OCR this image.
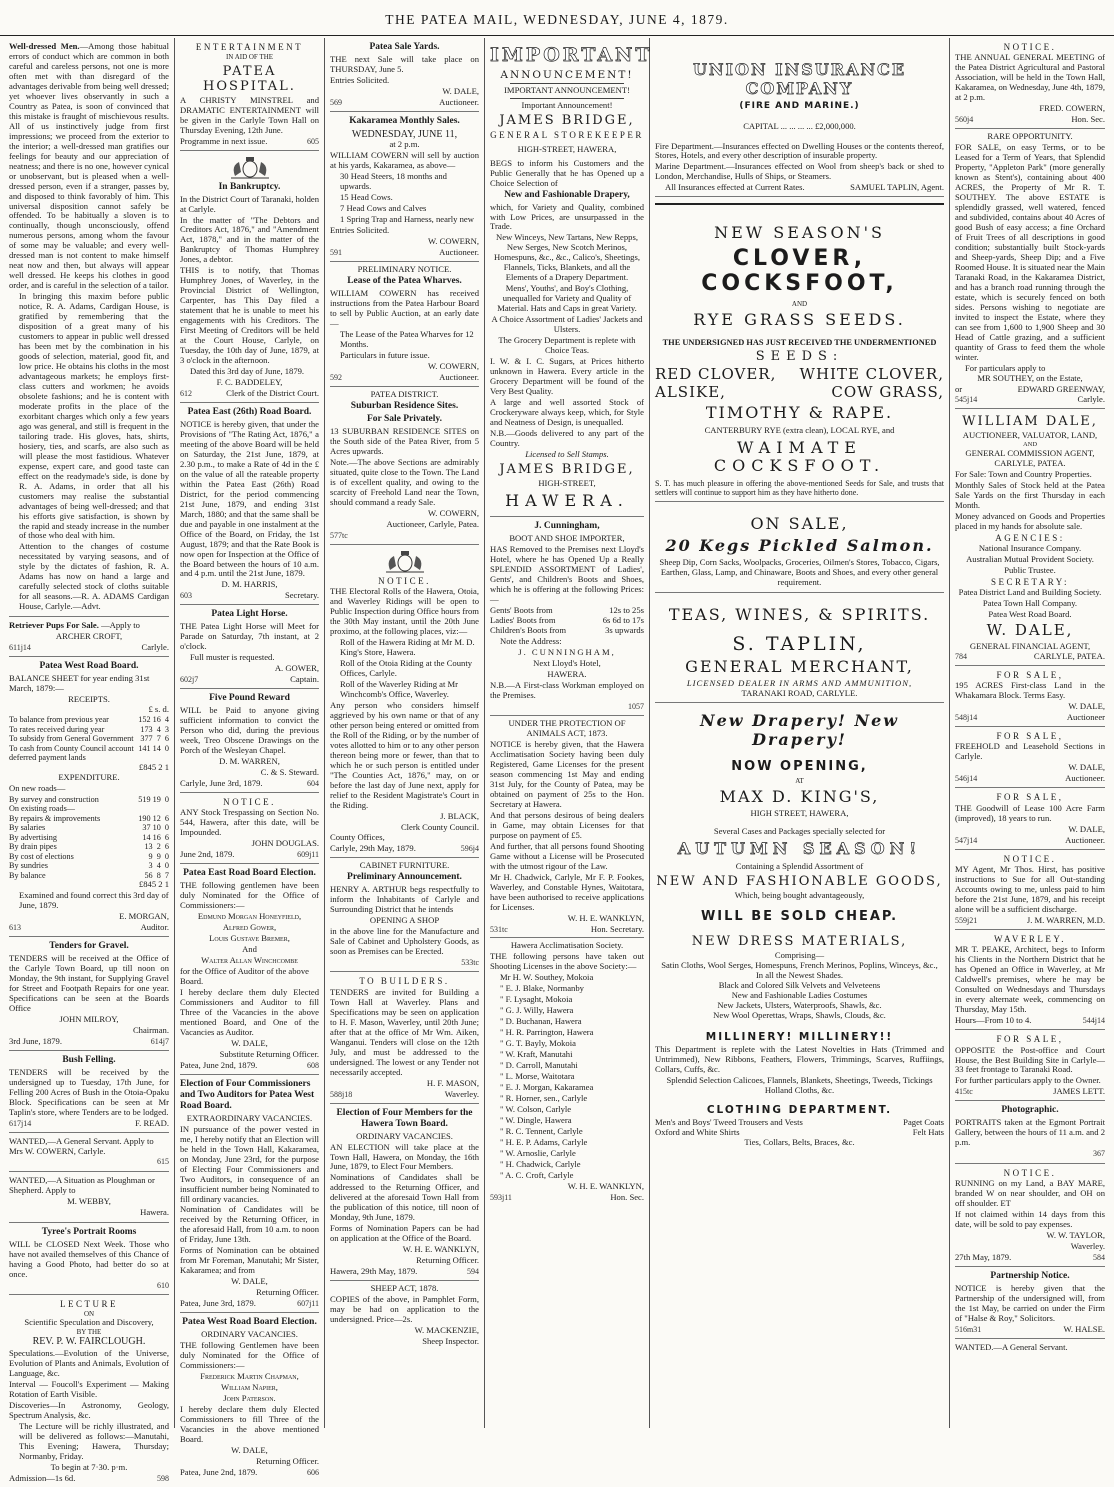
THE PATEA MAIL, WEDNESDAY, JUNE 4, 1879.

Well-dressed Men.—Among those habitual errors of conduct which are common in both careful and careless persons, not one is more often met with than disregard of the advantages derivable from being well dressed; yet whoever lives observantly in such a Country as Patea, is soon of convinced that this mistake is fraught of mischievous results. All of us instinctively judge from first impressions; we proceed from the exterior to the interior; a well-dressed man gratifies our feelings for beauty and our appreciation of neatness; and there is no one, however cynical or unobservant, but is pleased when a well-dressed person, even if a stranger, passes by, and disposed to think favorably of him. This universal disposition cannot safely be offended. To be habitually a sloven is to continually, though unconsciously, offend numerous persons, among whom the favour of some may be valuable; and every well-dressed man is not content to make himself neat now and then, but always will appear well dressed. He keeps his clothes in good order, and is careful in the selection of a tailor.

In bringing this maxim before public notice, R. A. Adams, Cardigan House, is gratified by remembering that the disposition of a great many of his customers to appear in public well dressed has been met by the combination in his goods of selection, material, good fit, and low price. He obtains his cloths in the most advantageous markets; he employs first-class cutters and workmen; he avoids obsolete fashions; and he is content with moderate profits in the place of the exorbitant charges which only a few years ago was general, and still is frequent in the tailoring trade. His gloves, hats, shirts, hosiery, ties, and scarfs, are also such as will please the most fastidious. Whatever expense, expert care, and good taste can effect on the readymade's side, is done by R. A. Adams, in order that all his customers may realise the substantial advantages of being well-dressed; and that his efforts give satisfaction, is shown by the rapid and steady increase in the number of those who deal with him.

Attention to the changes of costume necessitated by varying seasons, and of style by the dictates of fashion, R. A. Adams has now on hand a large and carefully selected stock of cloths suitable for all seasons.—R. A. ADAMS Cardigan House, Carlyle.—Advt.

Retriever Pups For Sale. —Apply to

ARCHER CROFT,

611j14	Carlyle.
Patea West Road Board.

BALANCE SHEET for year ending 31st March, 1879:—

RECEIPTS.
£ s. d.
To balance from previous year	152 16  4
To rates received during year	173  4  3
To subsidy from General Government	377  7  6
To cash from County Council account deferred payment lands	141 14  0
£845 2 1
EXPENDITURE.

On new roads—

By survey and construction	519 19  0
On existing roads—	
By repairs & improvements	190 12  6
By salaries	37 10  0
By advertising	14 16  6
By drain pipes	13  2  6
By cost of elections	9  9  0
By sundries	3  4  0
By balance	56  8  7
£845 2 1

Examined and found correct this 3rd day of June, 1879.

E. MORGAN,

613	Auditor.
Tenders for Gravel.

TENDERS will be received at the Office of the Carlyle Town Board, up till noon on Monday, the 9th instant, for Supplying Gravel for Street and Footpath Repairs for one year. Specifications can be seen at the Boards Office

JOHN MILROY,

Chairman.

3rd June, 1879.	614j7
Bush Felling.

TENDERS will be received by the undersigned up to Tuesday, 17th June, for Felling 200 Acres of Bush in the Otoia-Opaku Block. Specifications can be seen at Mr Taplin's store, where Tenders are to be lodged.

617j14	F. READ.

WANTED,—A General Servant. Apply to Mrs W. COWERN, Carlyle.

615

WANTED,—A Situation as Ploughman or Shepherd. Apply to

M. WEBBY,

Hawera.

Tyree's Portrait Rooms

WILL be CLOSED Next Week. Those who have not availed themselves of this Chance of having a Good Photo, had better do so at once.

610

LECTURE
ON
Scientific Speculation and Discovery,
BY THE
REV. P. W. FAIRCLOUGH.

Speculations.—Evolution of the Universe, Evolution of Plants and Animals, Evolution of Language, &c.

Interval — Foucoll's Experiment — Making Rotation of Earth Visible.

Discoveries—In Astronomy, Geology, Spectrum Analysis, &c.

The Lecture will be richly illustrated, and will be delivered as follows:—Manutahi, This Evening; Hawera, Thursday; Normanby, Friday.

To begin at 7·30. p·m.

Admission—1s 6d.	598
ENTERTAINMENT
IN AID OF THE
PATEA HOSPITAL.

A CHRISTY MINSTREL and DRAMATIC ENTERTAINMENT will be given in the Carlyle Town Hall on Thursday Evening, 12th June.

Programme in next issue.	605
In Bankruptcy.

In the District Court of Taranaki, holden at Carlyle.

In the matter of "The Debtors and Creditors Act, 1876," and "Amendment Act, 1878," and in the matter of the Bankruptcy of Thomas Humphrey Jones, a debtor.

THIS is to notify, that Thomas Humphrey Jones, of Waverley, in the Provincial District of Wellington, Carpenter, has This Day filed a statement that he is unable to meet his engagements with his Creditors. The First Meeting of Creditors will be held at the Court House, Carlyle, on Tuesday, the 10th day of June, 1879, at 3 o'clock in the afternoon.

Dated this 3rd day of June, 1879.

F. C. BADDELEY,

612	Clerk of the District Court.
Patea East (26th) Road Board.

NOTICE is hereby given, that under the Provisions of "The Rating Act, 1876," a meeting of the above Board will be held on Saturday, the 21st June, 1879, at 2.30 p.m., to make a Rate of 4d in the £ on the value of all the rateable property within the Patea East (26th) Road District, for the period commencing 21st June, 1879, and ending 31st March, 1880; and that the same shall be due and payable in one instalment at the Office of the Board, on Friday, the 1st August, 1879; and that the Rate Book is now open for Inspection at the Office of the Board between the hours of 10 a.m. and 4 p.m. until the 21st June, 1879.

D. M. HARRIS,

603	Secretary.
Patea Light Horse.

THE Patea Light Horse will Meet for Parade on Saturday, 7th instant, at 2 o'clock.

Full muster is requested.

A. GOWER,

602j7	Captain.
Five Pound Reward

WILL be Paid to anyone giving sufficient information to convict the Person who did, during the previous week, Treo Obscene Drawings on the Porch of the Wesleyan Chapel.

D. M. WARREN,

C. & S. Steward.

Carlyle, June 3rd, 1879.	604
NOTICE.

ANY Stock Trespassing on Section No. 544, Hawera, after this date, will be Impounded.

JOHN DOUGLAS.

June 2nd, 1879.	609j11
Patea East Road Board Election.

THE following gentlemen have been duly Nominated for the Office of Commissioners:—

Edmund Morgan Honeyfield,

Alfred Gower,

Louis Gustave Bremer,

And

Walter Allan Winchcombe

for the Office of Auditor of the above Board.

I hereby declare them duly Elected Commissioners and Auditor to fill Three of the Vacancies in the above mentioned Board, and One of the Vacancies as Auditor.

W. DALE,

Substitute Returning Officer.

Patea, June 2nd, 1879.	608
Election of Four Commissioners and Two Auditors for Patea West Road Board.
EXTRAORDINARY VACANCIES.

IN pursuance of the power vested in me, I hereby notify that an Election will be held in the Town Hall, Kakaramea, on Monday, June 23rd, for the purpose of Electing Four Commissioners and Two Auditors, in consequence of an insufficient number being Nominated to fill ordinary vacancies.

Nomination of Candidates will be received by the Returning Officer, in the aforesaid Hall, from 10 a.m. to noon of Friday, June 13th.

Forms of Nomination can be obtained from Mr Foreman, Manutahi; Mr Sister, Kakaramea; and from

W. DALE,

Returning Officer.

Patea, June 3rd, 1879.	607j11
Patea West Road Board Election.
ORDINARY VACANCIES.

THE following Gentlemen have been duly Nominated for the Office of Commissioners:—

Frederick Martin Chapman,

William Napier,

John Paterson.

I hereby declare them duly Elected Commissioners to fill Three of the Vacancies in the above mentioned Board.

W. DALE,

Returning Officer.

Patea, June 2nd, 1879.	606
Patea Sale Yards.

THE next Sale will take place on THURSDAY, June 5.

Entries Solicited.

W. DALE,

569	Auctioneer.
Kakaramea Monthly Sales.
WEDNESDAY, JUNE 11,
at 2 p.m.

WILLIAM COWERN will sell by auction at his yards, Kakaramea, as above—

30 Head Steers, 18 months and upwards.

15 Head Cows.

7 Head Cows and Calves

1 Spring Trap and Harness, nearly new

Entries Solicited.

W. COWERN,

591	Auctioneer.
PRELIMINARY NOTICE.
Lease of the Patea Wharves.

WILLIAM COWERN has received instructions from the Patea Harbour Board to sell by Public Auction, at an early date—

The Lease of the Patea Wharves for 12 Months.

Particulars in future issue.

W. COWERN,

592	Auctioneer.
PATEA DISTRICT.
Suburban Residence Sites.
For Sale Privately.

13 SUBURBAN RESIDENCE SITES on the South side of the Patea River, from 5 Acres upwards.

Note.—The above Sections are admirably situated, quite close to the Town. The Land is of excellent quality, and owing to the scarcity of Freehold Land near the Town, should command a ready Sale.

W. COWERN,

Auctioneer, Carlyle, Patea.

577tc

NOTICE.

THE Electoral Rolls of the Hawera, Otoia, and Waverley Ridings will be open to Public Inspection during Office hours from the 30th May instant, until the 20th June proximo, at the following places, viz:—

Roll of the Hawera Riding at Mr M. D. King's Store, Hawera.

Roll of the Otoia Riding at the County Offices, Carlyle.

Roll of the Waverley Riding at Mr Winchcomb's Office, Waverley.

Any person who considers himself aggrieved by his own name or that of any other person being entered or omitted from the Roll of the Riding, or by the number of votes allotted to him or to any other person thereon being more or fewer, than that to which he or such person is entitled under "The Counties Act, 1876," may, on or before the last day of June next, apply for relief to the Resident Magistrate's Court in the Riding.

J. BLACK,

Clerk County Council.

County Offices,

Carlyle, 29th May, 1879.	596j4
CABINET FURNITURE.
Preliminary Announcement.

HENRY A. ARTHUR begs respectfully to inform the Inhabitants of Carlyle and Surrounding District that he intends

OPENING A SHOP

in the above line for the Manufacture and Sale of Cabinet and Upholstery Goods, as soon as Premises can be Erected.

533tc

TO BUILDERS.

TENDERS are invited for Building a Town Hall at Waverley. Plans and Specifications may be seen on application to H. F. Mason, Waverley, until 20th June; after that at the office of Mr Wm. Aiken, Wanganui. Tenders will close on the 12th July, and must be addressed to the undersigned. The lowest or any Tender not necessarily accepted.

H. F. MASON,

588j18	Waverley.
Election of Four Members for the Hawera Town Board.
ORDINARY VACANCIES.

AN ELECTION will take place at the Town Hall, Hawera, on Monday, the 16th June, 1879, to Elect Four Members.

Nominations of Candidates shall be addressed to the Returning Officer, and delivered at the aforesaid Town Hall from the publication of this notice, till noon of Monday, 9th June, 1879.

Forms of Nomination Papers can be had on application at the Office of the Board.

W. H. E. WANKLYN,

Returning Officer.

Hawera, 29th May, 1879.	594
SHEEP ACT, 1878.

COPIES of the above, in Pamphlet Form, may be had on application to the undersigned. Price—2s.

W. MACKENZIE,

Sheep Inspector.

IMPORTANT
ANNOUNCEMENT!
IMPORTANT ANNOUNCEMENT!
Important Announcement!
JAMES BRIDGE,
GENERAL STOREKEEPER
HIGH-STREET, HAWERA,

BEGS to inform his Customers and the Public Generally that he has Opened up a Choice Selection of

New and Fashionable Drapery,

which, for Variety and Quality, combined with Low Prices, are unsurpassed in the Trade.

New Winceys, New Tartans, New Repps, New Serges, New Scotch Merinos, Homespuns, &c., &c., Calico's, Sheetings, Flannels, Ticks, Blankets, and all the Elements of a Drapery Department.

Mens', Youths', and Boy's Clothing, unequalled for Variety and Quality of Material. Hats and Caps in great Variety.

A Choice Assortment of Ladies' Jackets and Ulsters.

The Grocery Department is replete with Choice Teas.

I. W. & I. C. Sugars, at Prices hitherto unknown in Hawera. Every article in the Grocery Department will be found of the Very Best Quality.

A large and well assorted Stock of Crockeryware always keep, which, for Style and Neatness of Design, is unequalled.

N.B.—Goods delivered to any part of the Country.

Licensed to Sell Stamps.

JAMES BRIDGE,
HIGH-STREET,
HAWERA.
J. Cunningham,
BOOT AND SHOE IMPORTER,

HAS Removed to the Premises next Lloyd's Hotel, where he has Opened Up a Really SPLENDID ASSORTMENT of Ladies', Gents', and Children's Boots and Shoes, which he is offering at the following Prices:—

Gents' Boots from	12s to 25s
Ladies' Boots from	6s 6d to 17s
Children's Boots from	3s upwards

Note the Address:

J. CUNNINGHAM,

Next Lloyd's Hotel,

HAWERA.

N.B.—A First-class Workman employed on the Premises.

1057

UNDER THE PROTECTION OF ANIMALS ACT, 1873.

NOTICE is hereby given, that the Hawera Acclimatisation Society having been duly Registered, Game Licenses for the present season commencing 1st May and ending 31st July, for the County of Patea, may be obtained on payment of 25s to the Hon. Secretary at Hawera.

And that persons desirous of being dealers in Game, may obtain Licenses for that purpose on payment of £5.

And further, that all persons found Shooting Game without a License will be Prosecuted with the utmost rigour of the Law.

Mr H. Chadwick, Carlyle, Mr F. P. Fookes, Waverley, and Constable Hynes, Waitotara, have been authorised to receive applications for Licenses.

W. H. E. WANKLYN,

531tc	Hon. Secretary.
Hawera Acclimatisation Society.

THE following persons have taken out Shooting Licenses in the above Society:—

Mr H. W. Southey, Mokoia

" E. J. Blake, Normanby

" F. Lysaght, Mokoia

" G. J. Willy, Hawera

" D. Buchanan, Hawera

" H. R. Parrington, Hawera

" G. T. Bayly, Mokoia

" W. Kraft, Manutahi

" D. Carroll, Manutahi

" L. Morse, Waitotara

" E. J. Morgan, Kakaramea

" R. Horner, sen., Carlyle

" W. Colson, Carlyle

" W. Dingle, Hawera

" R. C. Tennent, Carlyle

" H. E. P. Adams, Carlyle

" W. Arnoslie, Carlyle

" H. Chadwick, Carlyle

" A. C. Croft, Carlyle

W. H. E. WANKLYN,

593j11	Hon. Sec.
UNION INSURANCE COMPANY
(FIRE AND MARINE.)

CAPITAL ... ... ... ... £2,000,000.

Fire Department.—Insurances effected on Dwelling Houses or the contents thereof, Stores, Hotels, and every other description of insurable property.

Marine Department.—Insurances effected on Wool from sheep's back or shed to London, Merchandise, Hulls of Ships, or Steamers.

All Insurances effected at Current Rates.	SAMUEL TAPLIN, Agent.
NEW SEASON'S
CLOVER, COCKSFOOT,
AND
RYE GRASS SEEDS.
THE UNDERSIGNED HAS JUST RECEIVED THE UNDERMENTIONED
SEEDS:
RED CLOVER, WHITE CLOVER,
ALSIKE,	COW GRASS,
TIMOTHY & RAPE.
CANTERBURY RYE (extra clean), LOCAL RYE, and
WAIMATE COCKSFOOT.

S. T. has much pleasure in offering the above-mentioned Seeds for Sale, and trusts that settlers will continue to support him as they have hitherto done.

ON SALE,
20 Kegs Pickled Salmon.

Sheep Dip, Corn Sacks, Woolpacks, Groceries, Oilmen's Stores, Tobacco, Cigars, Earthen, Glass, Lamp, and Chinaware, Boots and Shoes, and every other general requirement.

TEAS, WINES, & SPIRITS.
S. TAPLIN,
GENERAL MERCHANT,
LICENSED DEALER IN ARMS AND AMMUNITION,
TARANAKI ROAD, CARLYLE.
New Drapery! New Drapery!
NOW OPENING,
AT
MAX D. KING'S,
HIGH STREET, HAWERA,
Several Cases and Packages specially selected for
AUTUMN SEASON!
Containing a Splendid Assortment of
NEW AND FASHIONABLE GOODS,
Which, being bought advantageously,
WILL BE SOLD CHEAP.
NEW DRESS MATERIALS,
Comprising—
Satin Cloths, Wool Serges, Homespuns, French Merinos, Poplins, Winceys, &c.,
In all the Newest Shades.
Black and Colored Silk Velvets and Velveteens
New and Fashionable Ladies Costumes
New Jackets, Ulsters, Waterproofs, Shawls, &c.
New Wool Operettas, Wraps, Shawls, Clouds, &c.
MILLINERY! MILLINERY!!

This Department is replete with the Latest Novelties in Hats (Trimmed and Untrimmed), New Ribbons, Feathers, Flowers, Trimmings, Scarves, Ruffiings, Collars, Cuffs, &c.

Splendid Selection Calicoes, Flannels, Blankets, Sheetings, Tweeds, Tickings Holland Cloths, &c.

CLOTHING DEPARTMENT.
Men's and Boys' Tweed Trousers and Vests	Paget Coats
Oxford and White Shirts	Felt Hats
Ties, Collars, Belts, Braces, &c.
NOTICE.

THE ANNUAL GENERAL MEETING of the Patea District Agricultural and Pastoral Association, will be held in the Town Hall, Kakaramea, on Wednesday, June 4th, 1879, at 2 p.m.

FRED. COWERN,

560j4	Hon. Sec.
RARE OPPORTUNITY.

FOR SALE, on easy Terms, or to be Leased for a Term of Years, that Splendid Property, "Appleton Park" (more generally known as Stent's), containing about 400 ACRES, the Property of Mr R. T. SOUTHEY. The above ESTATE is splendidly grassed, well watered, fenced and subdivided, contains about 40 Acres of good Bush of easy access; a fine Orchard of Fruit Trees of all descriptions in good condition; substantially built Stock-yards and Sheep-yards, Sheep Dip; and a Five Roomed House. It is situated near the Main Taranaki Road, in the Kakaramea District, and has a branch road running through the estate, which is securely fenced on both sides. Persons wishing to negotiate are invited to inspect the Estate, where they can see from 1,600 to 1,900 Sheep and 30 Head of Cattle grazing, and a sufficient quantity of Grass to feed them the whole winter.

For particulars apply to

MR SOUTHEY, on the Estate,

or	EDWARD GREENWAY,
545j14	Carlyle.
WILLIAM DALE,
AUCTIONEER, VALUATOR, LAND,
AND
GENERAL COMMISSION AGENT,
CARLYLE, PATEA.

For Sale: Town and Country Properties.

Monthly Sales of Stock held at the Patea Sale Yards on the first Thursday in each Month.

Money advanced on Goods and Properties placed in my hands for absolute sale.

AGENCIES:

National Insurance Company.

Australian Mutual Provident Society.

Public Trustee.

SECRETARY:

Patea District Land and Building Society.

Patea Town Hall Company.

Patea West Road Board.

W. DALE,
GENERAL FINANCIAL AGENT,
784	CARLYLE, PATEA.
FOR SALE,

195 ACRES First-class Land in the Whakamara Block. Terms Easy.

W. DALE,

548j14	Auctioneer
FOR SALE,

FREEHOLD and Leasehold Sections in Carlyle.

W. DALE,

546j14	Auctioneer.
FOR SALE,

THE Goodwill of Lease 100 Acre Farm (improved), 18 years to run.

W. DALE,

547j14	Auctioneer.
NOTICE.

MY Agent, Mr Thos. Hirst, has positive instructions to Sue for all Out-standing Accounts owing to me, unless paid to him before the 21st June, 1879, and his receipt alone will be a sufficient discharge.

559j21	J. M. WARREN, M.D.
WAVERLEY.

MR T. PEAKE, Architect, begs to Inform his Clients in the Northern District that he has Opened an Office in Waverley, at Mr Caldwell's premises, where he may be Consulted on Wednesdays and Thursdays in every alternate week, commencing on Thursday, May 15th.

Hours—From 10 to 4.	544j14
FOR SALE,

OPPOSITE the Post-office and Court House, the Best Building Site in Carlyle—33 feet frontage to Taranaki Road.

For further particulars apply to the Owner.

415tc	JAMES LETT.
Photographic.

PORTRAITS taken at the Egmont Portrait Gallery, between the hours of 11 a.m. and 2 p.m.

367

NOTICE.

RUNNING on my Land, a BAY MARE, branded W on near shoulder, and OH on off shoulder. ET

If not claimed within 14 days from this date, will be sold to pay expenses.

W. W. TAYLOR,

Waverley.

27th May, 1879.	584
Partnership Notice.

NOTICE is hereby given that the Partnership of the undersigned will, from the 1st May, be carried on under the Firm of "Halse & Roy," Solicitors.

516m31	W. HALSE.

WANTED.—A General Servant.
